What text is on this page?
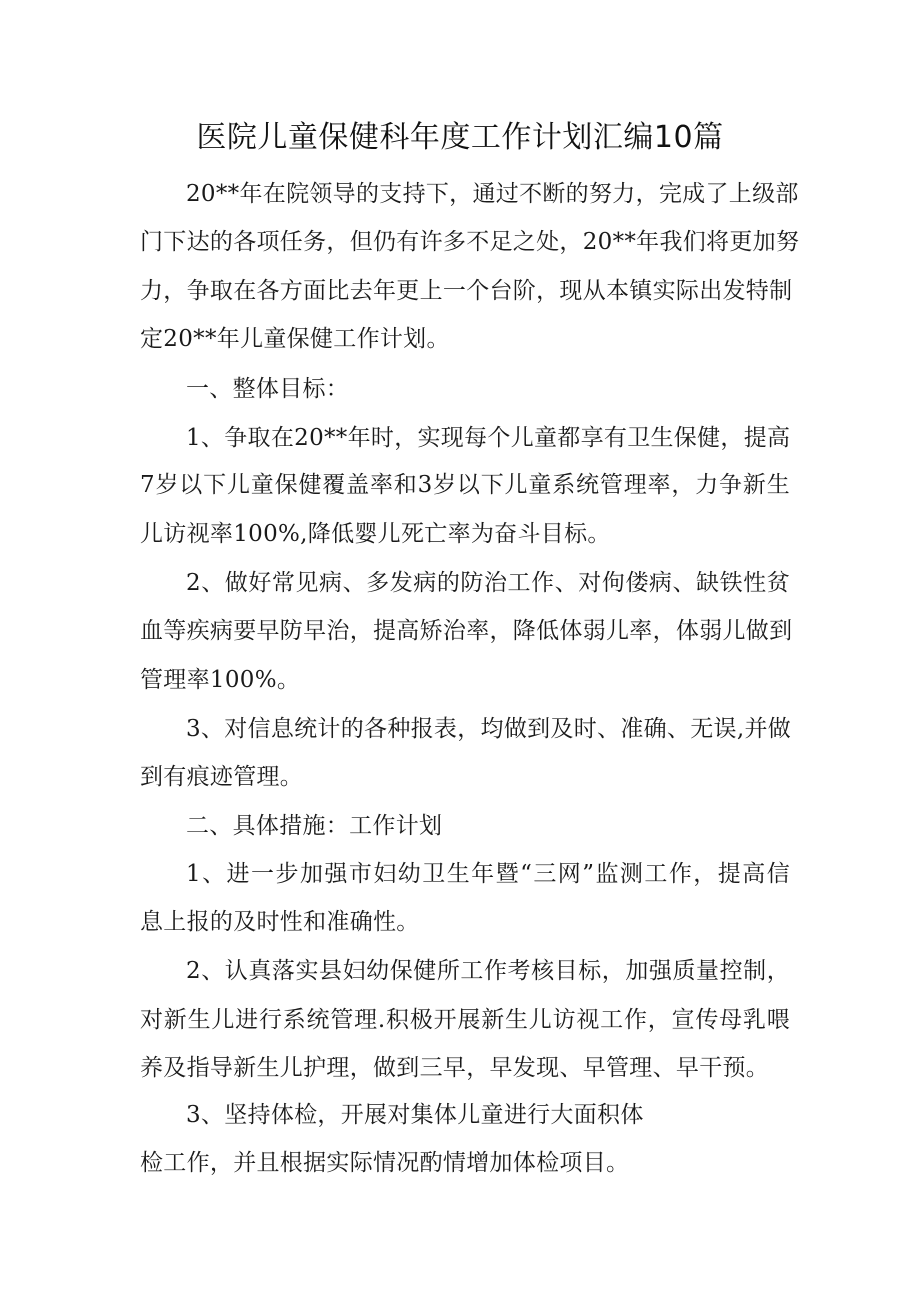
医院儿童保健科年度工作计划汇编10篇
20**年在院领导的支持下，通过不断的努力，完成了上级部
门下达的各项任务，但仍有许多不足之处，20**年我们将更加努
力，争取在各方面比去年更上一个台阶，现从本镇实际出发特制
定20**年儿童保健工作计划。
一、整体目标：
1、争取在20**年时，实现每个儿童都享有卫生保健，提高
7岁以下儿童保健覆盖率和3岁以下儿童系统管理率，力争新生
儿访视率100%,降低婴儿死亡率为奋斗目标。
2、做好常见病、多发病的防治工作、对佝偻病、缺铁性贫
血等疾病要早防早治，提高矫治率，降低体弱儿率，体弱儿做到
管理率100%。
3、对信息统计的各种报表，均做到及时、准确、无误,并做
到有痕迹管理。
二、具体措施：工作计划
1、进一步加强市妇幼卫生年暨“三网”监测工作，提高信
息上报的及时性和准确性。
2、认真落实县妇幼保健所工作考核目标，加强质量控制，
对新生儿进行系统管理.积极开展新生儿访视工作，宣传母乳喂
养及指导新生儿护理，做到三早，早发现、早管理、早干预。
3、坚持体检，开展对集体儿童进行大面积体
检工作，并且根据实际情况酌情增加体检项目。
